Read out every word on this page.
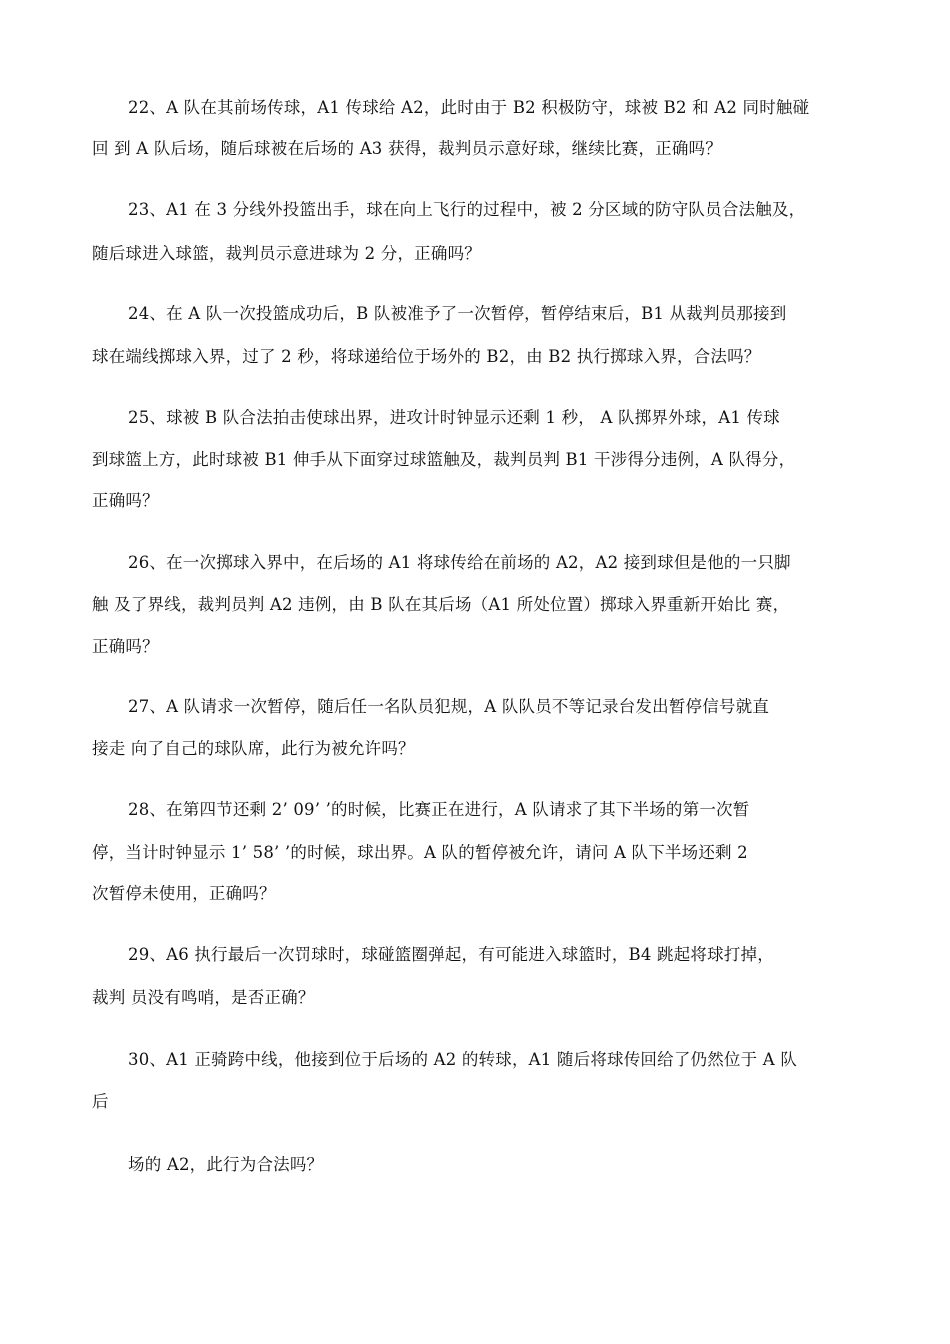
22、A 队在其前场传球，A1 传球给 A2，此时由于 B2 积极防守，球被 B2 和 A2 同时触碰
回 到 A 队后场，随后球被在后场的 A3 获得，裁判员示意好球，继续比赛，正确吗？
23、A1 在 3 分线外投篮出手，球在向上飞行的过程中，被 2 分区域的防守队员合法触及，
随后球进入球篮，裁判员示意进球为 2 分，正确吗？
24、在 A 队一次投篮成功后，B 队被准予了一次暂停，暂停结束后，B1 从裁判员那接到
球在端线掷球入界，过了 2 秒，将球递给位于场外的 B2，由 B2 执行掷球入界，合法吗？
25、球被 B 队合法拍击使球出界，进攻计时钟显示还剩 1 秒， A 队掷界外球，A1 传球
到球篮上方，此时球被 B1 伸手从下面穿过球篮触及，裁判员判 B1 干涉得分违例，A 队得分，
正确吗？
26、在一次掷球入界中，在后场的 A1 将球传给在前场的 A2，A2 接到球但是他的一只脚
触 及了界线，裁判员判 A2 违例，由 B 队在其后场（A1 所处位置）掷球入界重新开始比 赛，
正确吗？
27、A 队请求一次暂停，随后任一名队员犯规，A 队队员不等记录台发出暂停信号就直
接走 向了自己的球队席，此行为被允许吗？
28、在第四节还剩 2’ 09’ ’的时候，比赛正在进行，A 队请求了其下半场的第一次暂
停，当计时钟显示 1’ 58’ ’的时候，球出界。A 队的暂停被允许，请问 A 队下半场还剩 2
次暂停未使用，正确吗？
29、A6 执行最后一次罚球时，球碰篮圈弹起，有可能进入球篮时，B4 跳起将球打掉，
裁判 员没有鸣哨，是否正确？
30、A1 正骑跨中线，他接到位于后场的 A2 的转球，A1 随后将球传回给了仍然位于 A 队
后
场的 A2，此行为合法吗？
